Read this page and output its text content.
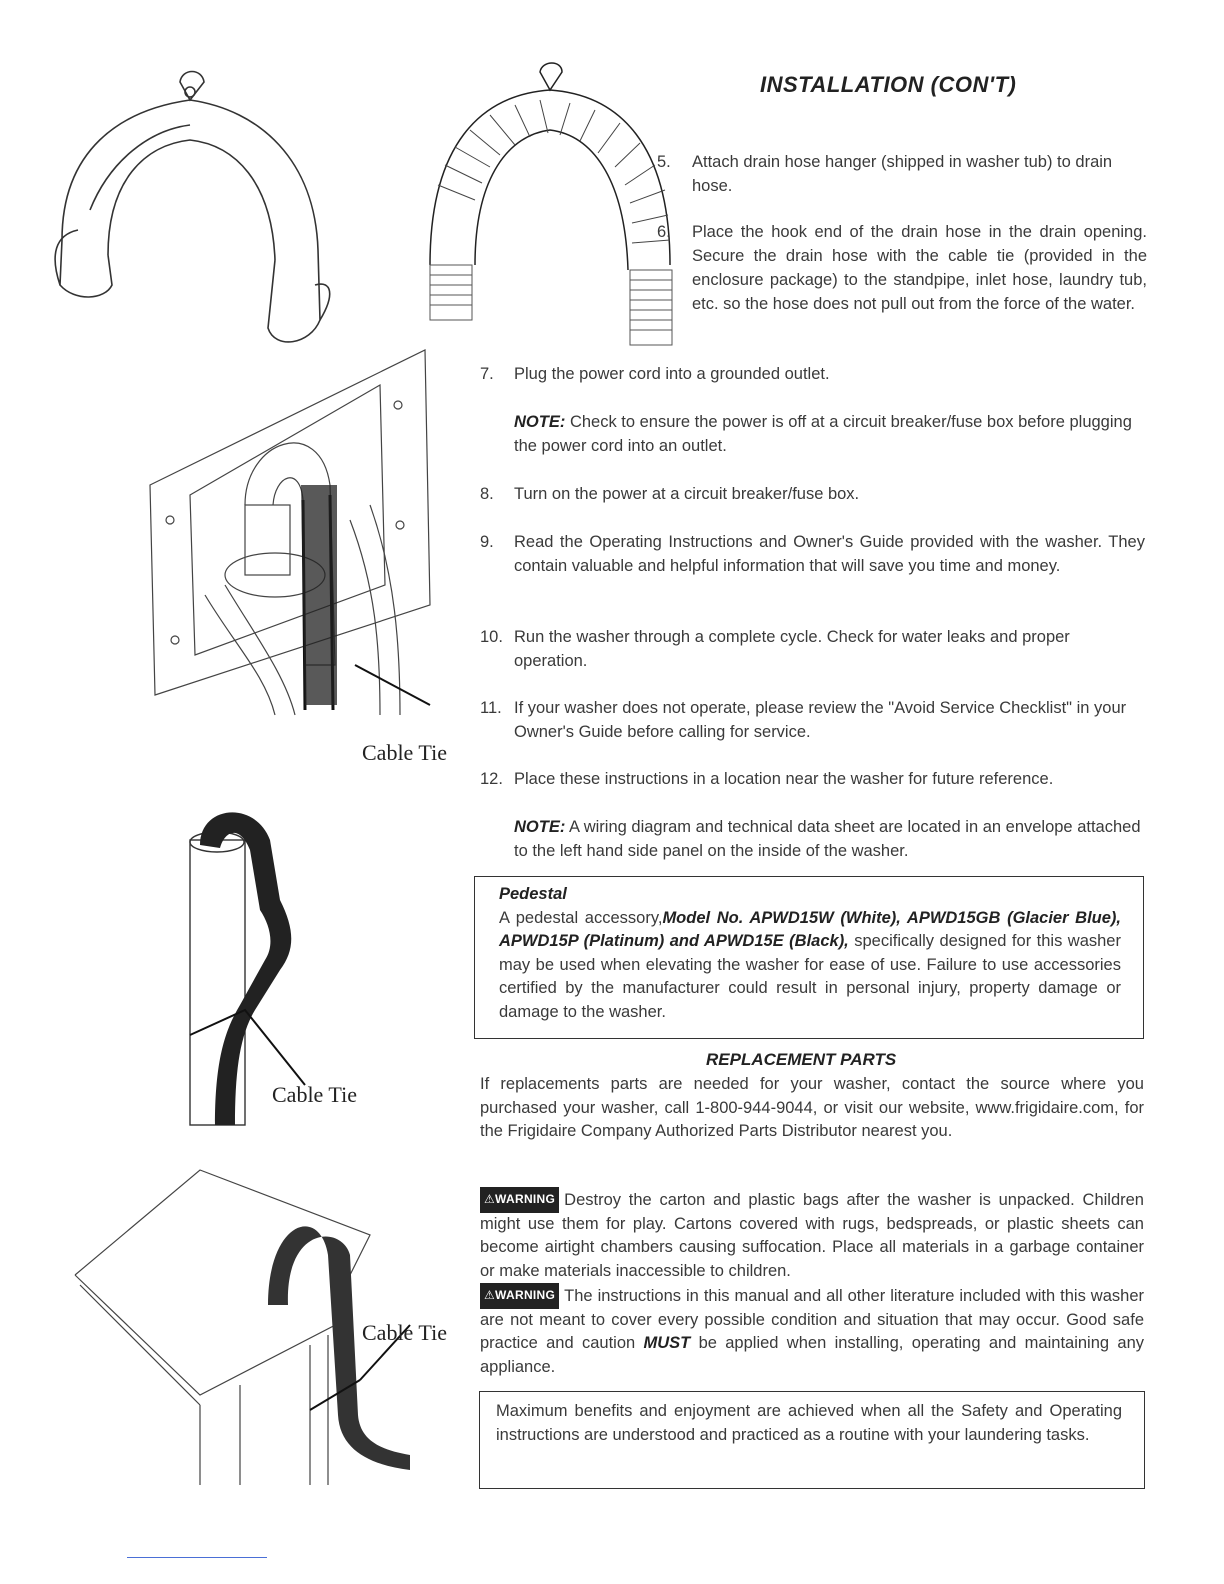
INSTALLATION (CON'T)
Cable Tie
Cable Tie
Cable Tie
5. Attach drain hose hanger (shipped in washer tub) to drain hose.
6. Place the hook end of the drain hose in the drain opening. Secure the drain hose with the cable tie (provided in the enclosure package) to the standpipe, inlet hose, laundry tub, etc. so the hose does not pull out from the force of the water.
7. Plug the power cord into a grounded outlet.
NOTE: Check to ensure the power is off at a circuit breaker/fuse box before plugging the power cord into an outlet.
8. Turn on the power at a circuit breaker/fuse box.
9. Read the Operating Instructions and Owner's Guide provided with the washer. They contain valuable and helpful information that will save you time and money.
10. Run the washer through a complete cycle. Check for water leaks and proper operation.
11. If your washer does not operate, please review the "Avoid Service Checklist" in your Owner's Guide before calling for service.
12. Place these instructions in a location near the washer for future reference.
NOTE: A wiring diagram and technical data sheet are located in an envelope attached to the left hand side panel on the inside of the washer.
Pedestal
A pedestal accessory,Model No. APWD15W (White), APWD15GB (Glacier Blue), APWD15P (Platinum) and APWD15E (Black), specifically designed for this washer may be used when elevating the washer for ease of use. Failure to use accessories certified by the manufacturer could result in personal injury, property damage or damage to the washer.
REPLACEMENT PARTS
If replacements parts are needed for your washer, contact the source where you purchased your washer, call 1-800-944-9044, or visit our website, www.frigidaire.com, for the Frigidaire Company Authorized Parts Distributor nearest you.
⚠WARNING Destroy the carton and plastic bags after the washer is unpacked. Children might use them for play. Cartons covered with rugs, bedspreads, or plastic sheets can become airtight chambers causing suffocation. Place all materials in a garbage container or make materials inaccessible to children.
⚠WARNING The instructions in this manual and all other literature included with this washer are not meant to cover every possible condition and situation that may occur. Good safe practice and caution MUST be applied when installing, operating and maintaining any appliance.
Maximum benefits and enjoyment are achieved when all the Safety and Operating instructions are understood and practiced as a routine with your laundering tasks.
